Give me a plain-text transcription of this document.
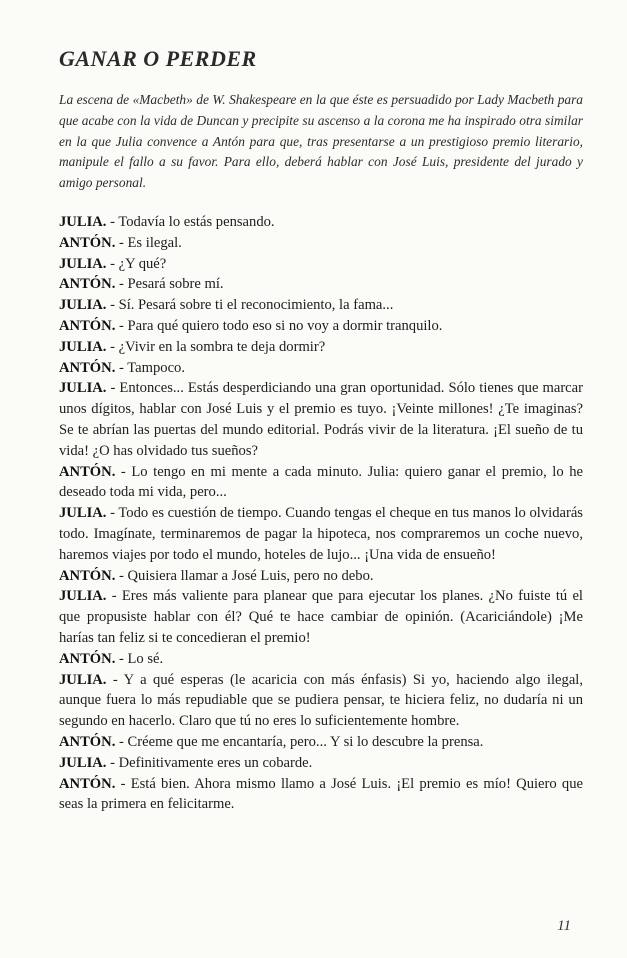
GANAR O PERDER

La escena de «Macbeth» de W. Shakespeare en la que éste es persuadido por Lady Macbeth para que acabe con la vida de Duncan y precipite su ascenso a la corona me ha inspirado otra similar en la que Julia convence a Antón para que, tras presentarse a un prestigioso premio literario, manipule el fallo a su favor. Para ello, deberá hablar con José Luis, presidente del jurado y amigo personal.

JULIA. - Todavía lo estás pensando.

ANTÓN. - Es ilegal.

JULIA. - ¿Y qué?

ANTÓN. - Pesará sobre mí.

JULIA. - Sí. Pesará sobre ti el reconocimiento, la fama...

ANTÓN. - Para qué quiero todo eso si no voy a dormir tranquilo.

JULIA. - ¿Vivir en la sombra te deja dormir?

ANTÓN. - Tampoco.

JULIA. - Entonces... Estás desperdiciando una gran oportunidad. Sólo tienes que marcar unos dígitos, hablar con José Luis y el premio es tuyo. ¡Veinte millones! ¿Te imaginas? Se te abrían las puertas del mundo editorial. Podrás vivir de la literatura. ¡El sueño de tu vida! ¿O has olvidado tus sueños?

ANTÓN. - Lo tengo en mi mente a cada minuto. Julia: quiero ganar el premio, lo he deseado toda mi vida, pero...

JULIA. - Todo es cuestión de tiempo. Cuando tengas el cheque en tus manos lo olvidarás todo. Imagínate, terminaremos de pagar la hipoteca, nos compraremos un coche nuevo, haremos viajes por todo el mundo, hoteles de lujo... ¡Una vida de ensueño!

ANTÓN. - Quisiera llamar a José Luis, pero no debo.

JULIA. - Eres más valiente para planear que para ejecutar los planes. ¿No fuiste tú el que propusiste hablar con él? Qué te hace cambiar de opinión. (Acariciándole) ¡Me harías tan feliz si te concedieran el premio!

ANTÓN. - Lo sé.

JULIA. - Y a qué esperas (le acaricia con más énfasis) Si yo, haciendo algo ilegal, aunque fuera lo más repudiable que se pudiera pensar, te hiciera feliz, no dudaría ni un segundo en hacerlo. Claro que tú no eres lo suficientemente hombre.

ANTÓN. - Créeme que me encantaría, pero... Y si lo descubre la prensa.

JULIA. - Definitivamente eres un cobarde.

ANTÓN. - Está bien. Ahora mismo llamo a José Luis. ¡El premio es mío! Quiero que seas la primera en felicitarme.

11
